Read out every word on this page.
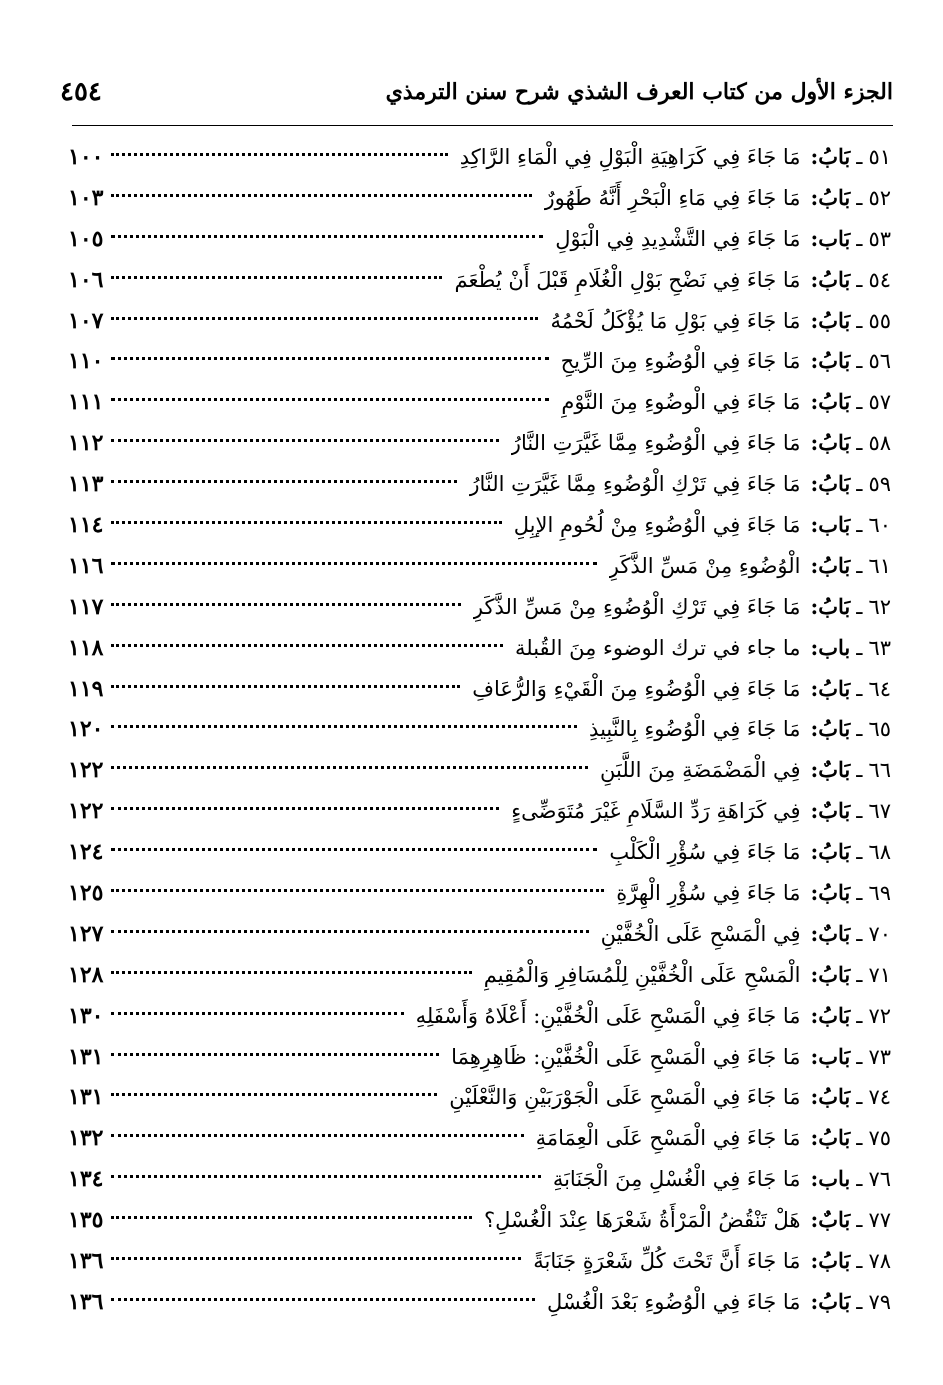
الجزء الأول من كتاب العرف الشذي شرح سنن الترمذي
٤٥٤
٥١
ـ
بَابُ:
مَا جَاءَ فِي كَرَاهِيَةِ الْبَوْلِ فِي الْمَاءِ الرَّاكِدِ
١٠٠
٥٢
ـ
بَابُ:
مَا جَاءَ فِي مَاءِ الْبَحْرِ أَنَّهُ طَهُورٌ
١٠٣
٥٣
ـ
بَاب:
مَا جَاءَ فِي التَّشْدِيدِ فِي الْبَوْلِ
١٠٥
٥٤
ـ
بَابُ:
مَا جَاءَ فِي نَضْحِ بَوْلِ الْغُلَامِ قَبْلَ أَنْ يُطْعَمَ
١٠٦
٥٥
ـ
بَابُ:
مَا جَاءَ فِي بَوْلِ مَا يُؤْكَلُ لَحْمُهُ
١٠٧
٥٦
ـ
بَابُ:
مَا جَاءَ فِي الْوُضُوءِ مِنَ الرِّيحِ
١١٠
٥٧
ـ
بَابُ:
مَا جَاءَ فِي الْوضُوءِ مِنَ النَّوْمِ
١١١
٥٨
ـ
بَابُ:
مَا جَاءَ فِي الْوُضُوءِ مِمَّا غَيَّرَتِ النَّارُ
١١٢
٥٩
ـ
بَابُ:
مَا جَاءَ فِي تَرْكِ الْوُضُوءِ مِمَّا غَيَّرَتِ النَّارُ
١١٣
٦٠
ـ
بَاب:
مَا جَاءَ فِي الْوُضُوءِ مِنْ لُحُومِ الإبِلِ
١١٤
٦١
ـ
بَابُ:
الْوُضُوءِ مِنْ مَسِّ الذَّكَرِ
١١٦
٦٢
ـ
بَابُ:
مَا جَاءَ فِي تَرْكِ الْوُضُوءِ مِنْ مَسِّ الذَّكَرِ
١١٧
٦٣
ـ
باب:
ما جاء في ترك الوضوء مِنَ القُبلة
١١٨
٦٤
ـ
بَابُ:
مَا جَاءَ فِي الْوُضُوءِ مِنَ الْقَيْءِ وَالرُّعَافِ
١١٩
٦٥
ـ
بَابُ:
مَا جَاءَ فِي الْوُضُوءِ بِالنَّبِيذِ
١٢٠
٦٦
ـ
بَابٌ:
فِي الْمَضْمَضَةِ مِنَ اللَّبَنِ
١٢٢
٦٧
ـ
بَابٌ:
فِي كَرَاهَةِ رَدِّ السَّلَامِ غَيْرَ مُتَوَضِّىءٍ
١٢٢
٦٨
ـ
بَابُ:
مَا جَاءَ فِي سُؤْرِ الْكَلْبِ
١٢٤
٦٩
ـ
بَابُ:
مَا جَاءَ فِي سُؤْرِ الْهِرَّةِ
١٢٥
٧٠
ـ
بَابٌ:
فِي الْمَسْحِ عَلَى الْخُفَّيْنِ
١٢٧
٧١
ـ
بَابُ:
الْمَسْحِ عَلَى الْخُفَّيْنِ لِلْمُسَافِرِ وَالْمُقِيمِ
١٢٨
٧٢
ـ
بَابُ:
مَا جَاءَ فِي الْمَسْحِ عَلَى الْخُفَّيْنِ: أَعْلَاهُ وَأَسْفَلِهِ
١٣٠
٧٣
ـ
بَاب:
مَا جَاءَ فِي الْمَسْحِ عَلَى الْخُفَّيْنِ: ظَاهِرِهِمَا
١٣١
٧٤
ـ
بَابُ:
مَا جَاءَ فِي الْمَسْحِ عَلَى الْجَوْرَبَيْنِ وَالنَّعْلَيْنِ
١٣١
٧٥
ـ
بَابُ:
مَا جَاءَ فِي الْمَسْحِ عَلَى الْعِمَامَةِ
١٣٢
٧٦
ـ
باب:
مَا جَاءَ فِي الْغُسْلِ مِنَ الْجَنَابَةِ
١٣٤
٧٧
ـ
بَابٌ:
هَلْ تَنْقُضُ الْمَرْأَةُ شَعْرَهَا عِنْدَ الْغُسْلِ؟
١٣٥
٧٨
ـ
بَابُ:
مَا جَاءَ أَنَّ تَحْتَ كُلِّ شَعْرَةٍ جَنَابَةً
١٣٦
٧٩
ـ
بَابُ:
مَا جَاءَ فِي الْوُضُوءِ بَعْدَ الْغُسْلِ
١٣٦
